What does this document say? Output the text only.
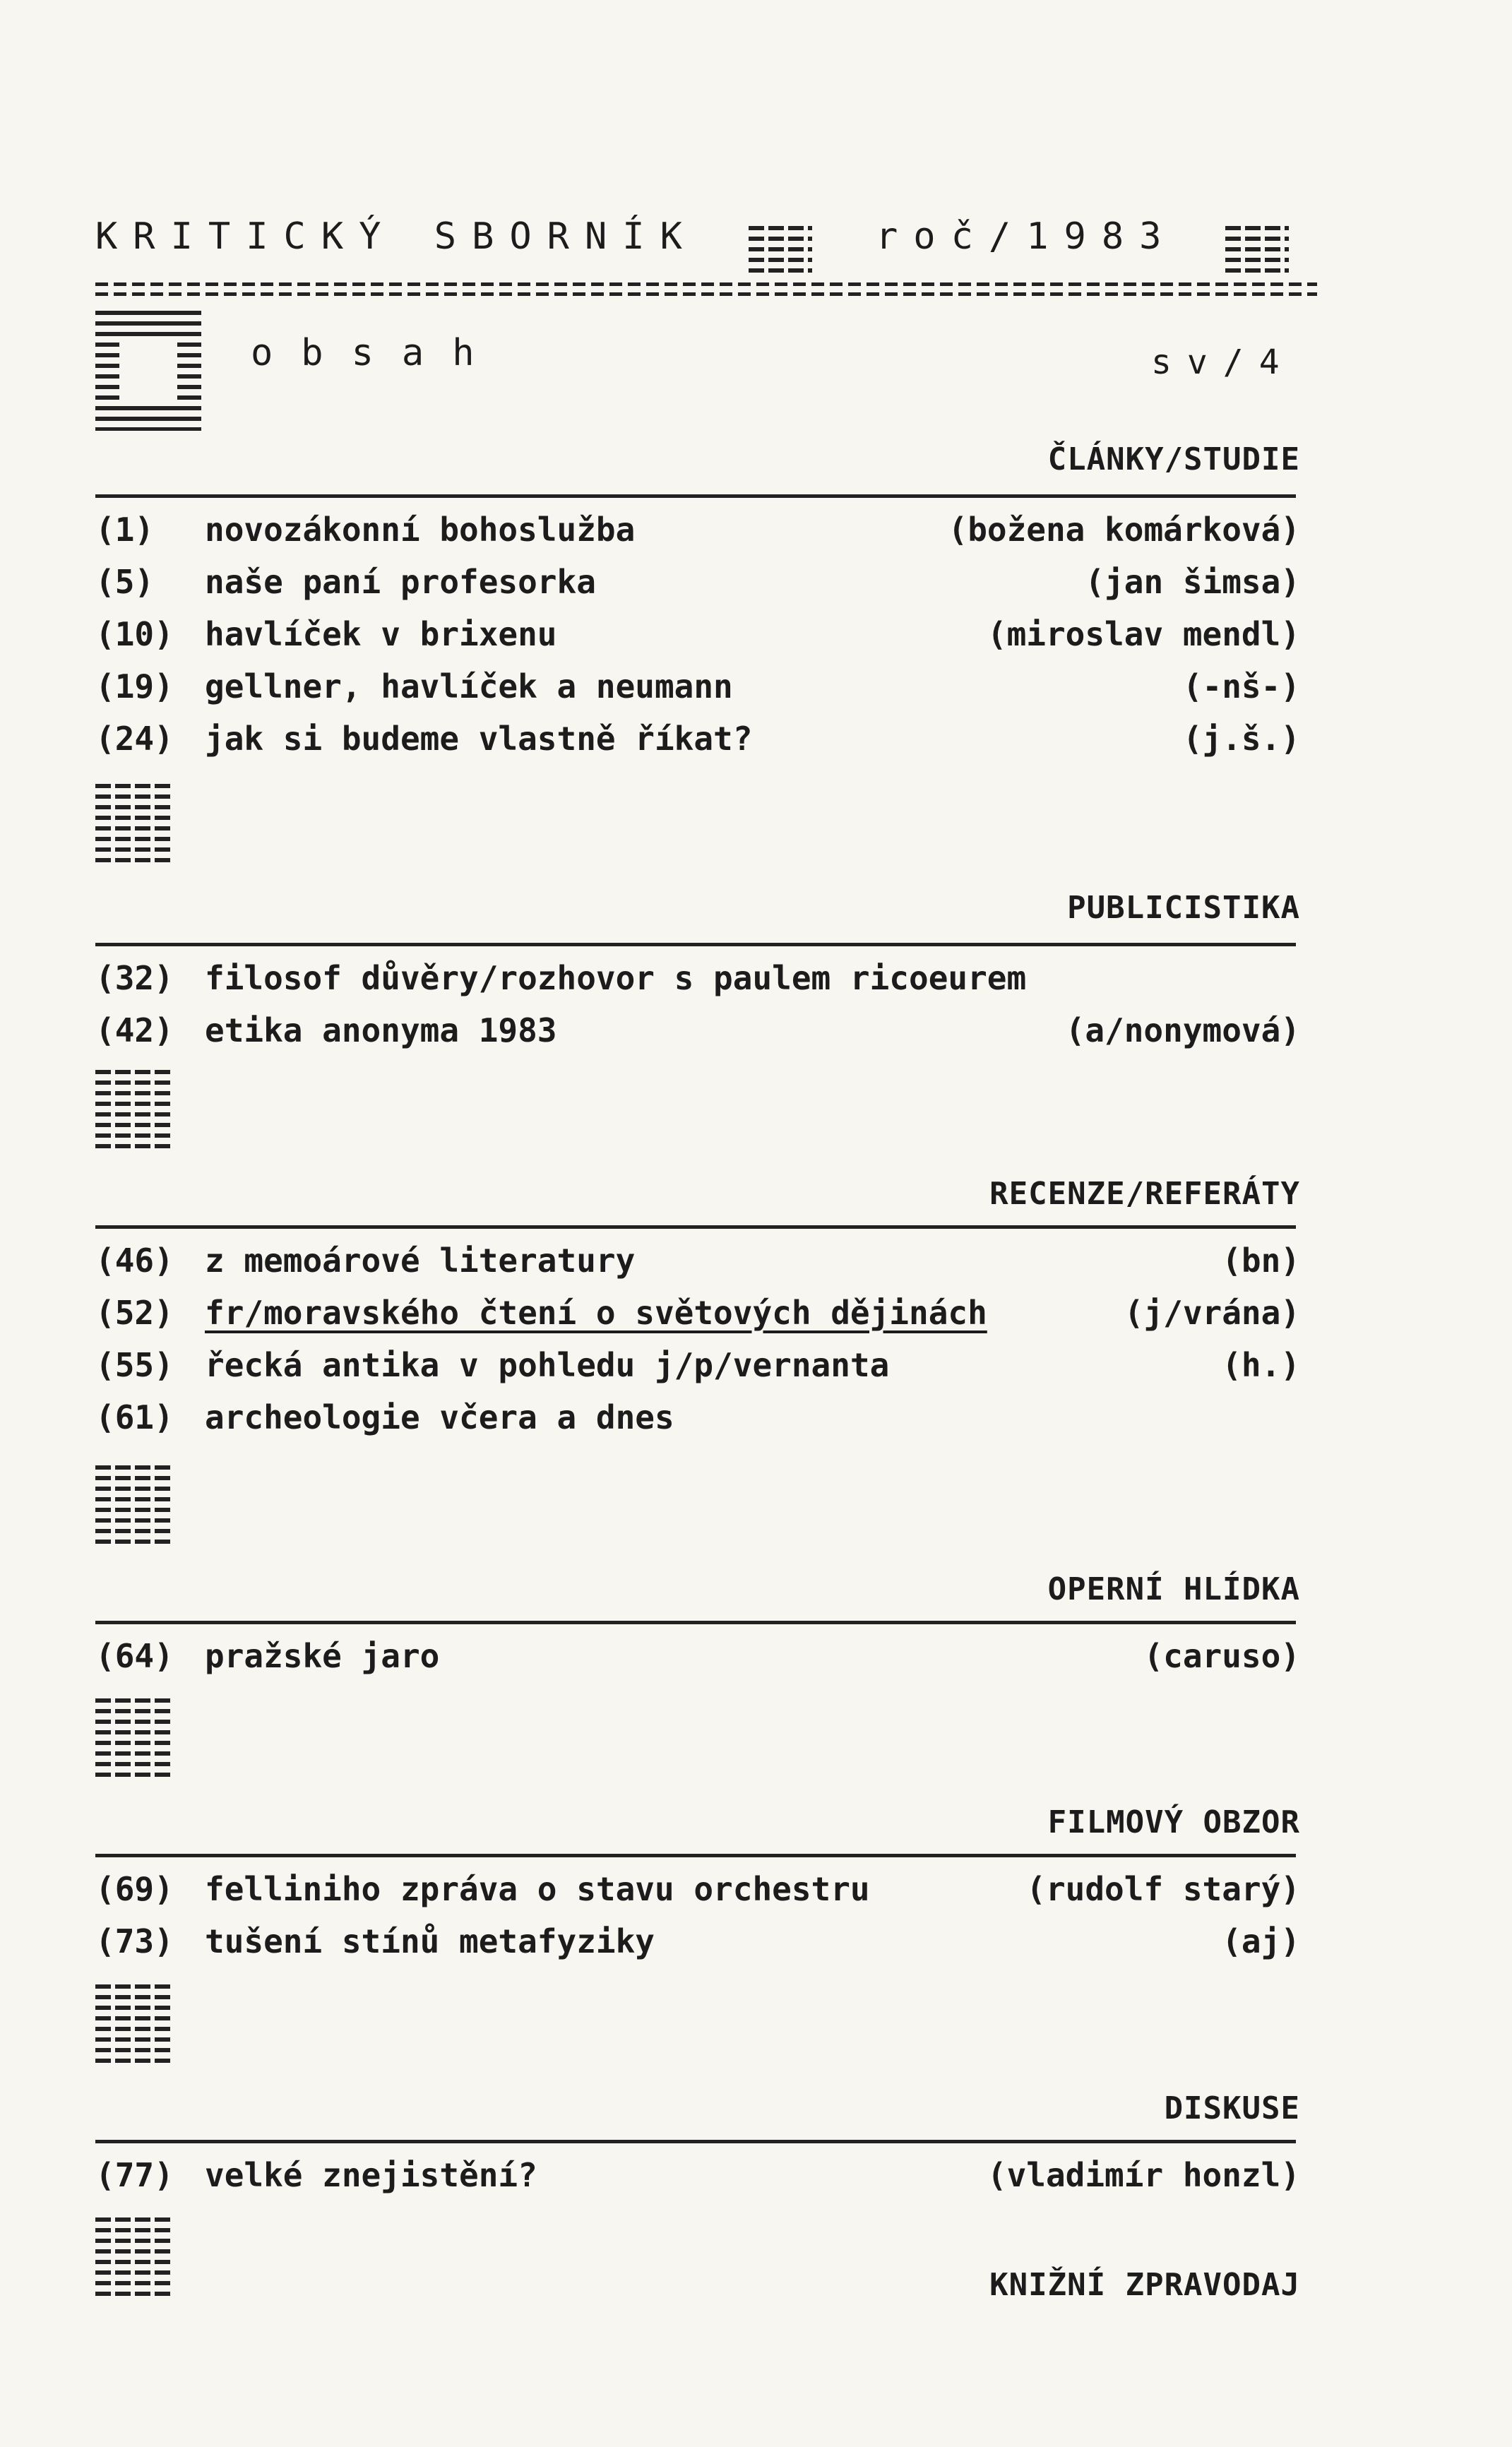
KRITICKÝ SBORNÍK	roč/1983
obsah	sv/4
ČLÁNKY/STUDIE
(1) novozákonní bohoslužba	(božena komárková)
(5) naše paní profesorka	(jan šimsa)
(10) havlíček v brixenu	(miroslav mendl)
(19) gellner, havlíček a neumann	(-nš-)
(24) jak si budeme vlastně říkat?	(j.š.)
PUBLICISTIKA
(32) filosof důvěry/rozhovor s paulem ricoeurem
(42) etika anonyma 1983	(a/nonymová)
RECENZE/REFERÁTY
(46) z memoárové literatury	(bn)
(52) fr/moravského čtení o světových dějinách	(j/vrána)
(55) řecká antika v pohledu j/p/vernanta	(h.)
(61) archeologie včera a dnes
OPERNÍ HLÍDKA
(64) pražské jaro	(caruso)
FILMOVÝ OBZOR
(69) felliniho zpráva o stavu orchestru	(rudolf starý)
(73) tušení stínů metafyziky	(aj)
DISKUSE
(77) velké znejistění?	(vladimír honzl)
KNIŽNÍ ZPRAVODAJ
